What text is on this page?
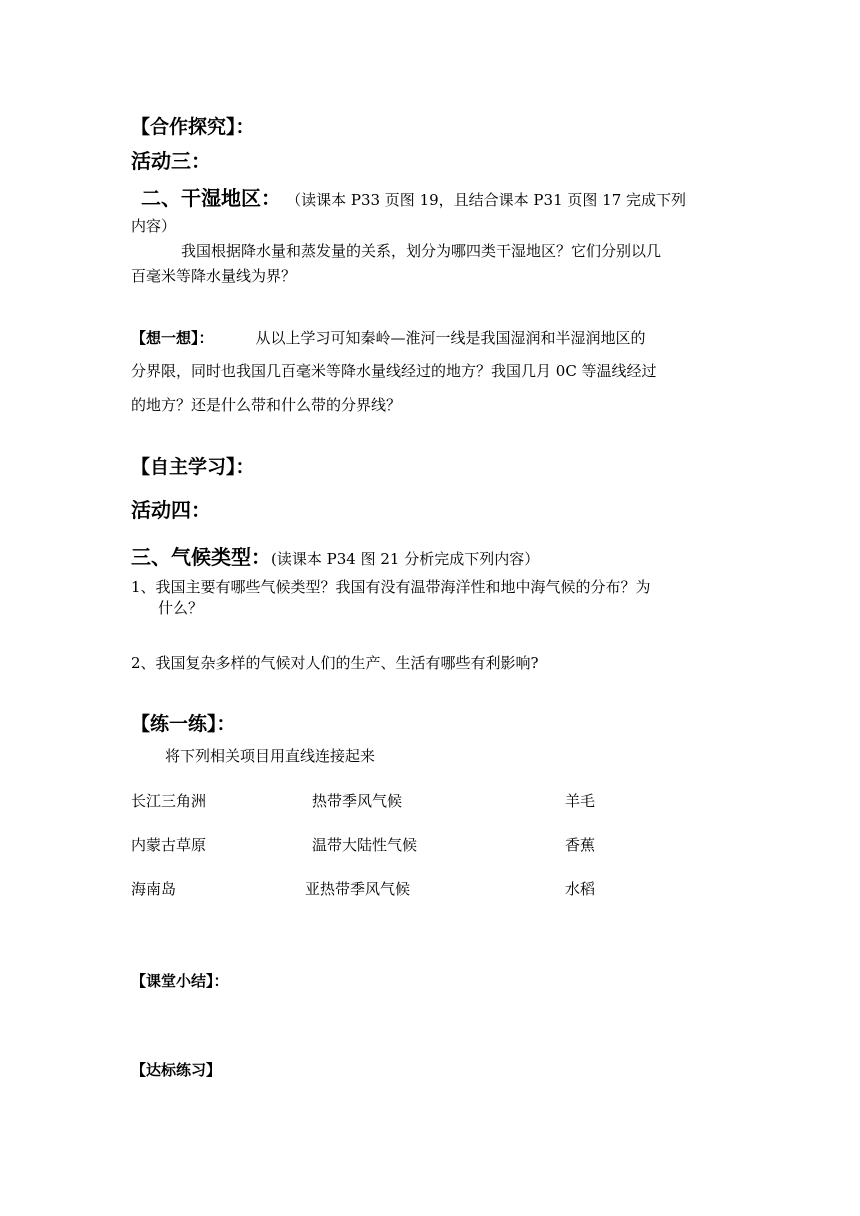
【合作探究】：
活动三：
二、干湿地区： （读课本 P33 页图 19，且结合课本 P31 页图 17 完成下列
内容）
我国根据降水量和蒸发量的关系，划分为哪四类干湿地区？它们分别以几
百毫米等降水量线为界？
【想一想】：	从以上学习可知秦岭—淮河一线是我国湿润和半湿润地区的
分界限，同时也我国几百毫米等降水量线经过的地方？我国几月 0C 等温线经过
的地方？还是什么带和什么带的分界线？
【自主学习】：
活动四：
三、气候类型：(读课本 P34 图 21 分析完成下列内容）
1、我国主要有哪些气候类型？我国有没有温带海洋性和地中海气候的分布？为
什么？
2、我国复杂多样的气候对人们的生产、生活有哪些有利影响?
【练一练】：
将下列相关项目用直线连接起来
长江三角洲	热带季风气候	羊毛
内蒙古草原	温带大陆性气候	香蕉
海南岛	亚热带季风气候	水稻
【课堂小结】：
【达标练习】
